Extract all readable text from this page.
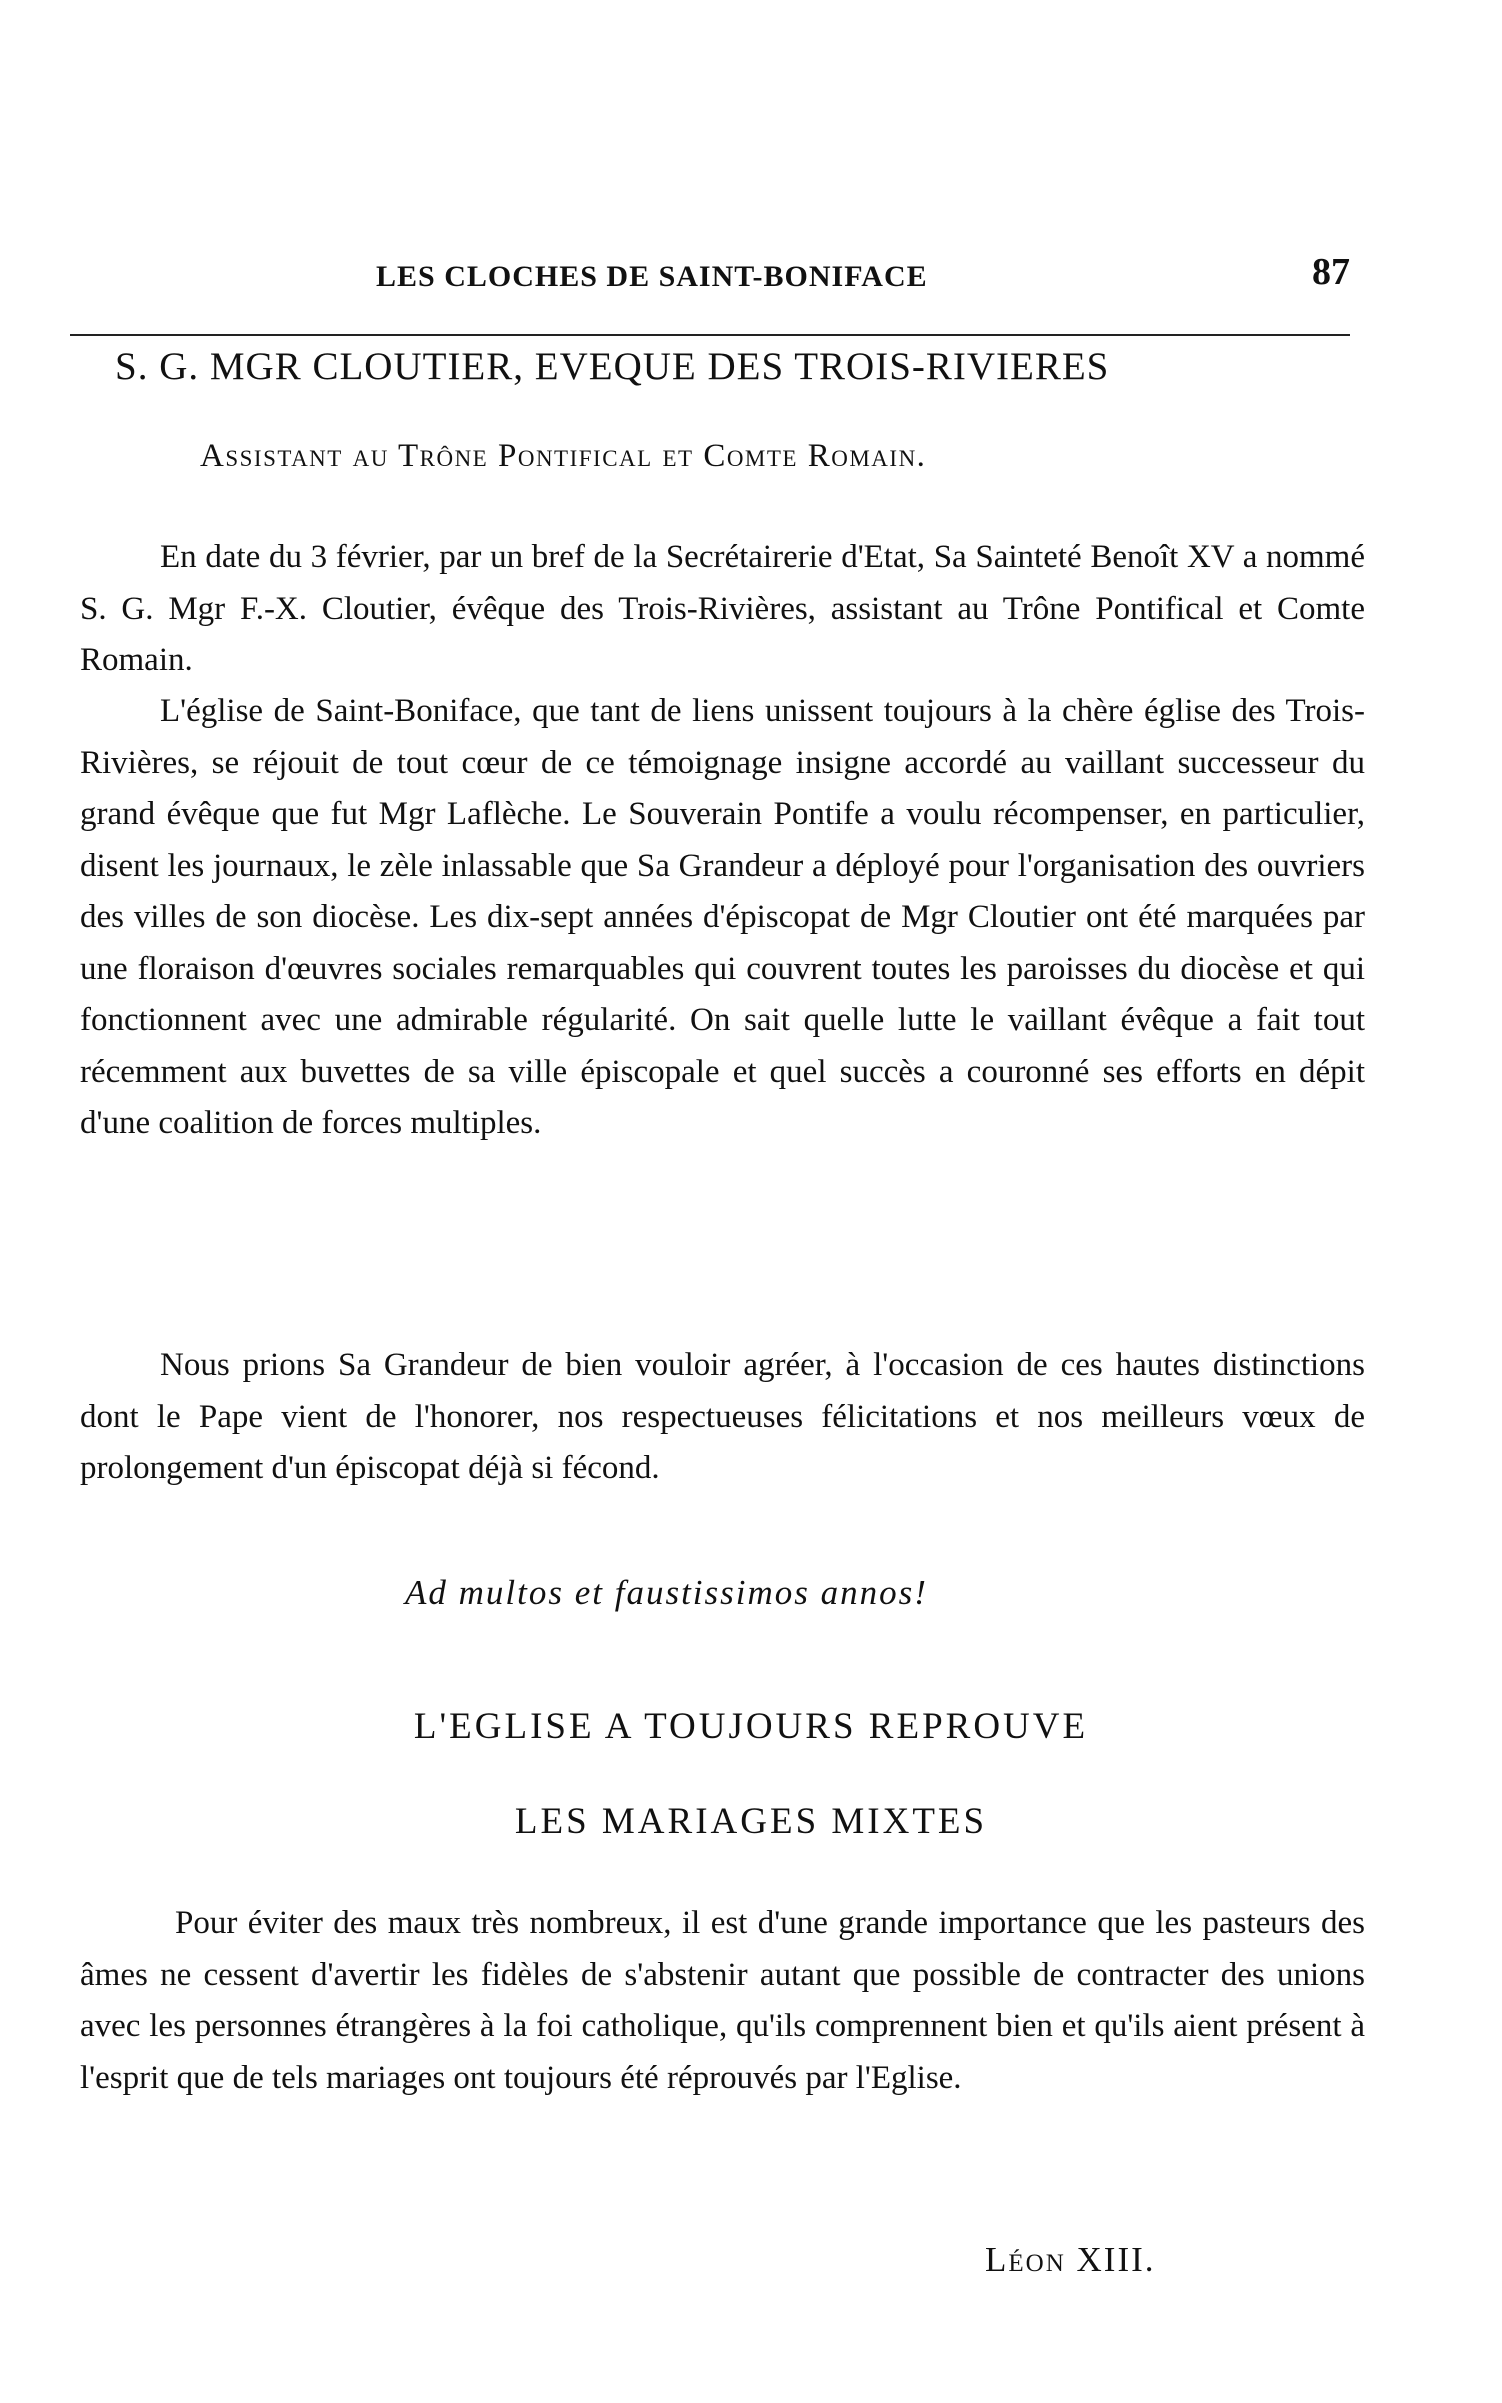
LES CLOCHES DE SAINT-BONIFACE	87
S. G. MGR CLOUTIER, EVEQUE DES TROIS-RIVIERES
Assistant au Trône Pontifical et Comte Romain.

En date du 3 février, par un bref de la Secrétairerie d'Etat, Sa Sainteté Benoît XV a nommé S. G. Mgr F.-X. Cloutier, évêque des Trois-Rivières, assistant au Trône Pontifical et Comte Romain.

L'église de Saint-Boniface, que tant de liens unissent toujours à la chère église des Trois-Rivières, se réjouit de tout cœur de ce témoignage insigne accordé au vaillant successeur du grand évêque que fut Mgr Laflèche. Le Souverain Pontife a voulu récompenser, en particulier, disent les journaux, le zèle inlassable que Sa Grandeur a déployé pour l'organisation des ouvriers des villes de son diocèse. Les dix-sept années d'épiscopat de Mgr Cloutier ont été marquées par une floraison d'œuvres sociales remarquables qui couvrent toutes les paroisses du diocèse et qui fonctionnent avec une admirable régularité. On sait quelle lutte le vaillant évêque a fait tout récemment aux buvettes de sa ville épiscopale et quel succès a couronné ses efforts en dépit d'une coalition de forces multiples.

Nous prions Sa Grandeur de bien vouloir agréer, à l'occasion de ces hautes distinctions dont le Pape vient de l'honorer, nos respectueuses félicitations et nos meilleurs vœux de prolongement d'un épiscopat déjà si fécond.

Ad multos et faustissimos annos!
L'EGLISE A TOUJOURS REPROUVE
LES MARIAGES MIXTES

Pour éviter des maux très nombreux, il est d'une grande importance que les pasteurs des âmes ne cessent d'avertir les fidèles de s'abstenir autant que possible de contracter des unions avec les personnes étrangères à la foi catholique, qu'ils comprennent bien et qu'ils aient présent à l'esprit que de tels mariages ont toujours été réprouvés par l'Eglise.

Léon XIII.
